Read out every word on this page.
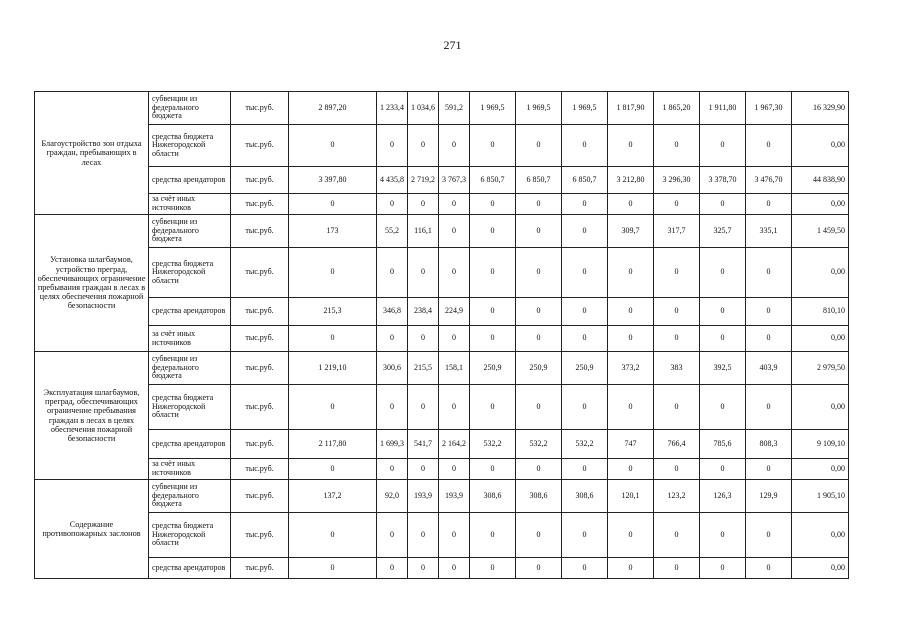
271
Благоустройство зон отдыха граждан, пребывающих в лесах	субвенции из федерального бюджета	тыс.руб.	2 897,20	1 233,4	1 034,6	591,2	1 969,5	1 969,5	1 969,5	1 817,90	1 865,20	1 911,80	1 967,30	16 329,90
	средства бюджета Нижегородской области	тыс.руб.	0	0	0	0	0	0	0	0	0	0	0	0,00
	средства арендаторов	тыс.руб.	3 397,80	4 435,8	2 719,2	3 767,3	6 850,7	6 850,7	6 850,7	3 212,80	3 296,30	3 378,70	3 476,70	44 838,90
	за счёт иных источников	тыс.руб.	0	0	0	0	0	0	0	0	0	0	0	0,00
Установка шлагбаумов, устройство преград, обеспечивающих ограничение пребывания граждан в лесах в целях обеспечения пожарной безопасности	субвенции из федерального бюджета	тыс.руб.	173	55,2	116,1	0	0	0	0	309,7	317,7	325,7	335,1	1 459,50
	средства бюджета Нижегородской области	тыс.руб.	0	0	0	0	0	0	0	0	0	0	0	0,00
	средства арендаторов	тыс.руб.	215,3	346,8	238,4	224,9	0	0	0	0	0	0	0	810,10
	за счёт иных источников	тыс.руб.	0	0	0	0	0	0	0	0	0	0	0	0,00
Эксплуатация шлагбаумов, преград, обеспечивающих ограничение пребывания граждан в лесах в целях обеспечения пожарной безопасности	субвенции из федерального бюджета	тыс.руб.	1 219,10	300,6	215,5	158,1	250,9	250,9	250,9	373,2	383	392,5	403,9	2 979,50
	средства бюджета Нижегородской области	тыс.руб.	0	0	0	0	0	0	0	0	0	0	0	0,00
	средства арендаторов	тыс.руб.	2 117,80	1 699,3	541,7	2 164,2	532,2	532,2	532,2	747	766,4	785,6	808,3	9 109,10
	за счёт иных источников	тыс.руб.	0	0	0	0	0	0	0	0	0	0	0	0,00
Содержание противопожарных заслонов	субвенции из федерального бюджета	тыс.руб.	137,2	92,0	193,9	193,9	308,6	308,6	308,6	120,1	123,2	126,3	129,9	1 905,10
	средства бюджета Нижегородской области	тыс.руб.	0	0	0	0	0	0	0	0	0	0	0	0,00
	средства арендаторов	тыс.руб.	0	0	0	0	0	0	0	0	0	0	0	0,00
